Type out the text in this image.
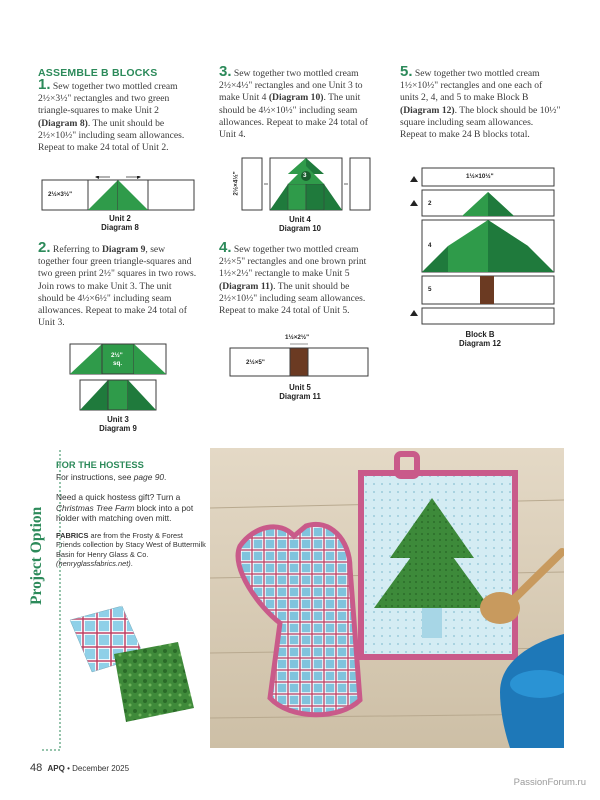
ASSEMBLE B BLOCKS
1. Sew together two mottled cream 2½×3½" rectangles and two green triangle-squares to make Unit 2 (Diagram 8). The unit should be 2½×10½" including seam allowances. Repeat to make 24 total of Unit 2.
2½×3½"
Unit 2
Diagram 8
2. Referring to Diagram 9, sew together four green triangle-squares and two green print 2½" squares in two rows. Join rows to make Unit 3. The unit should be 4½×6½" including seam allowances. Repeat to make 24 total of Unit 3.
2½"
sq.
Unit 3
Diagram 9
3. Sew together two mottled cream 2½×4½" rectangles and one Unit 3 to make Unit 4 (Diagram 10). The unit should be 4½×10½" including seam allowances. Repeat to make 24 total of Unit 4.
3
2½×4½"
Unit 4
Diagram 10
4. Sew together two mottled cream 2½×5" rectangles and one brown print 1½×2½" rectangle to make Unit 5 (Diagram 11). The unit should be 2½×10½" including seam allowances. Repeat to make 24 total of Unit 5.
1½×2½"
2½×5"
Unit 5
Diagram 11
5. Sew together two mottled cream 1½×10½" rectangles and one each of units 2, 4, and 5 to make Block B (Diagram 12). The block should be 10½" square including seam allowances. Repeat to make 24 B blocks total.
1½×10½"
2
4
5
Block B
Diagram 12
Project Option
FOR THE HOSTESS
For instructions, see page 90.
Need a quick hostess gift? Turn a Christmas Tree Farm block into a pot holder with matching oven mitt.
FABRICS are from the Frosty & Forest Friends collection by Stacy West of Buttermilk Basin for Henry Glass & Co. (henryglassfabrics.net).
48 APQ • December 2025
PassionForum.ru
